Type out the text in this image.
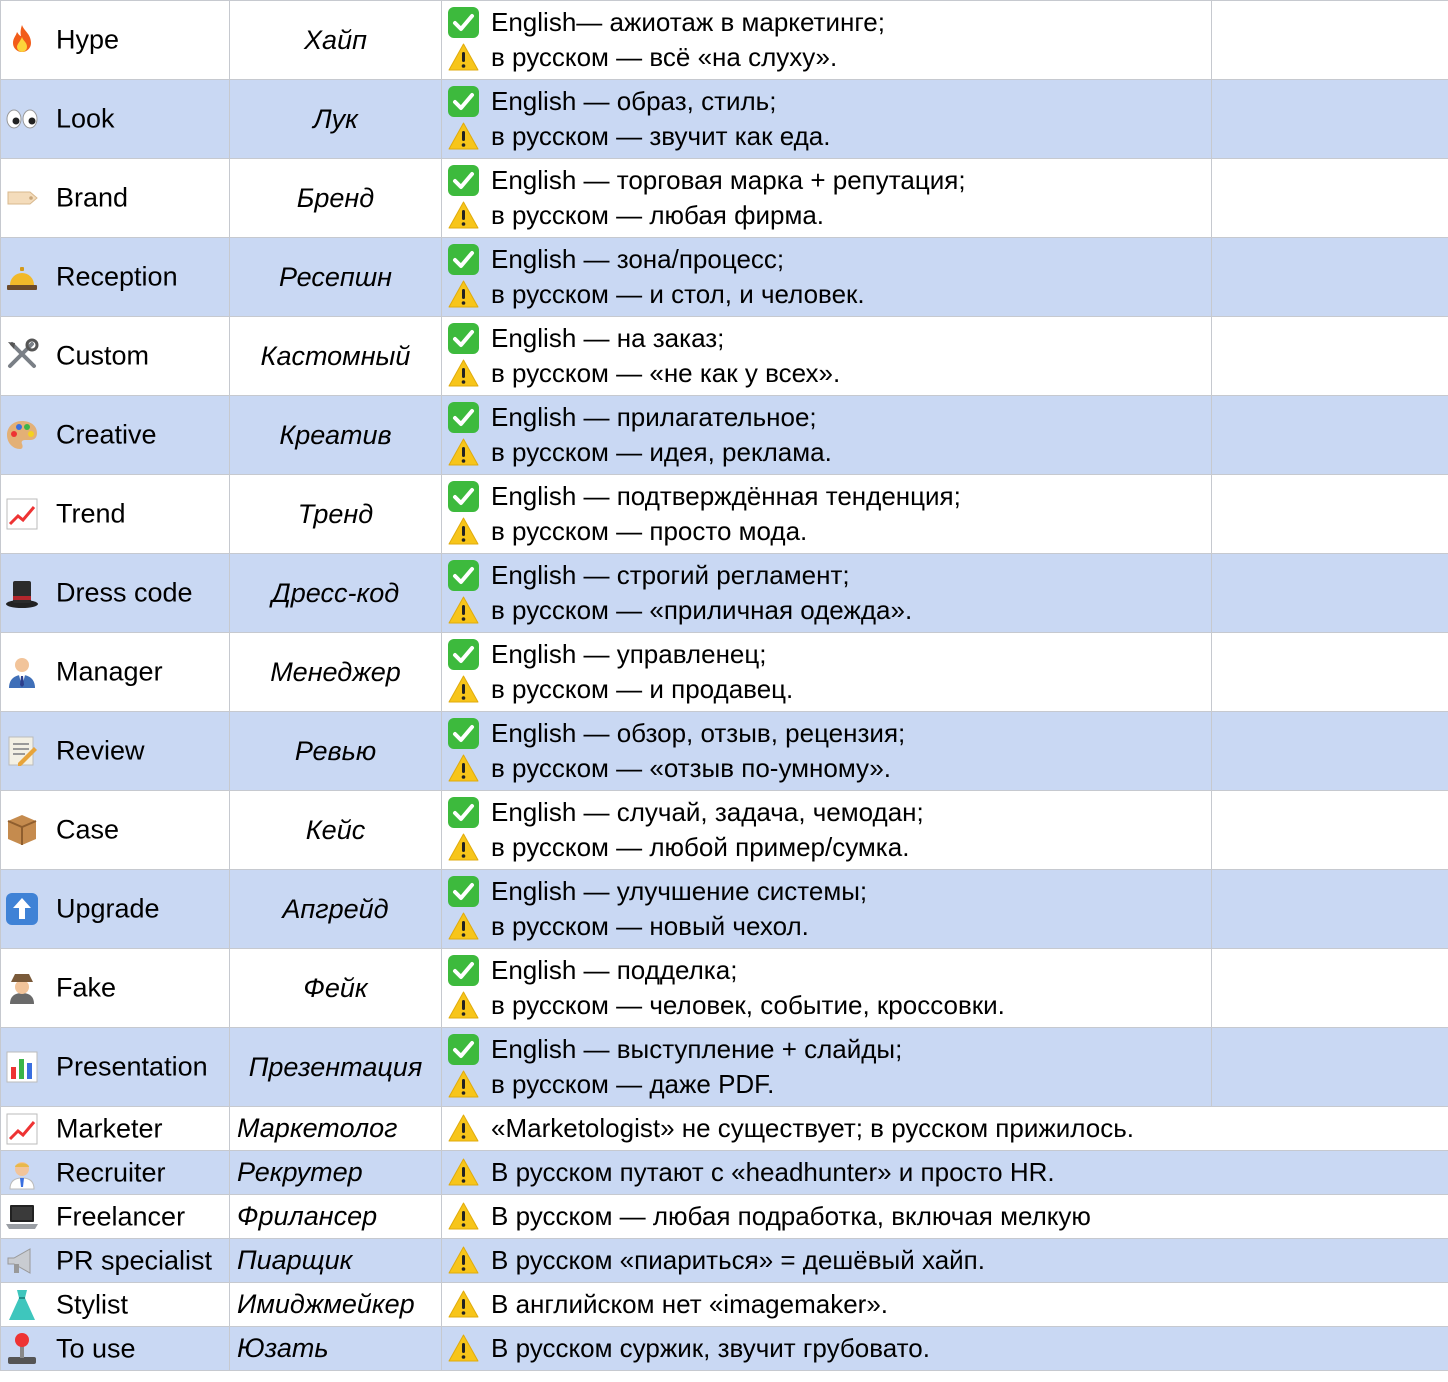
Hype	Хайп	English— ажиотаж в маркетинге;
в русском — всё «на слуху».	

Look	Лук	English — образ, стиль;
в русском — звучит как еда.	

Brand	Бренд	English — торговая марка + репутация;
в русском — любая фирма.	

Reception	Ресепшн	English — зона/процесс;
в русском — и стол, и человек.	

Custom	Кастомный	English — на заказ;
в русском — «не как у всех».	

Creative	Креатив	English — прилагательное;
в русском — идея, реклама.	

Trend	Тренд	English — подтверждённая тенденция;
в русском — просто мода.	

Dress code	Дресс-код	English — строгий регламент;
в русском — «приличная одежда».	

Manager	Менеджер	English — управленец;
в русском — и продавец.	

Review	Ревью	English — обзор, отзыв, рецензия;
в русском — «отзыв по-умному».	

Case	Кейс	English — случай, задача, чемодан;
в русском — любой пример/сумка.	

Upgrade	Апгрейд	English — улучшение системы;
в русском — новый чехол.	

Fake	Фейк	English — подделка;
в русском — человек, событие, кроссовки.	

Presentation	Презентация	English — выступление + слайды;
в русском — даже PDF.	

Marketer	Маркетолог	«Marketologist» не существует; в русском прижилось.	

Recruiter	Рекрутер	В русском путают с «headhunter» и просто HR.	

Freelancer	Фрилансер	В русском — любая подработка, включая мелкую	

PR specialist	Пиарщик	В русском «пиариться» = дешёвый хайп.	

Stylist	Имиджмейкер	В английском нет «imagemaker».	

To use	Юзать	В русском суржик, звучит грубовато.	
